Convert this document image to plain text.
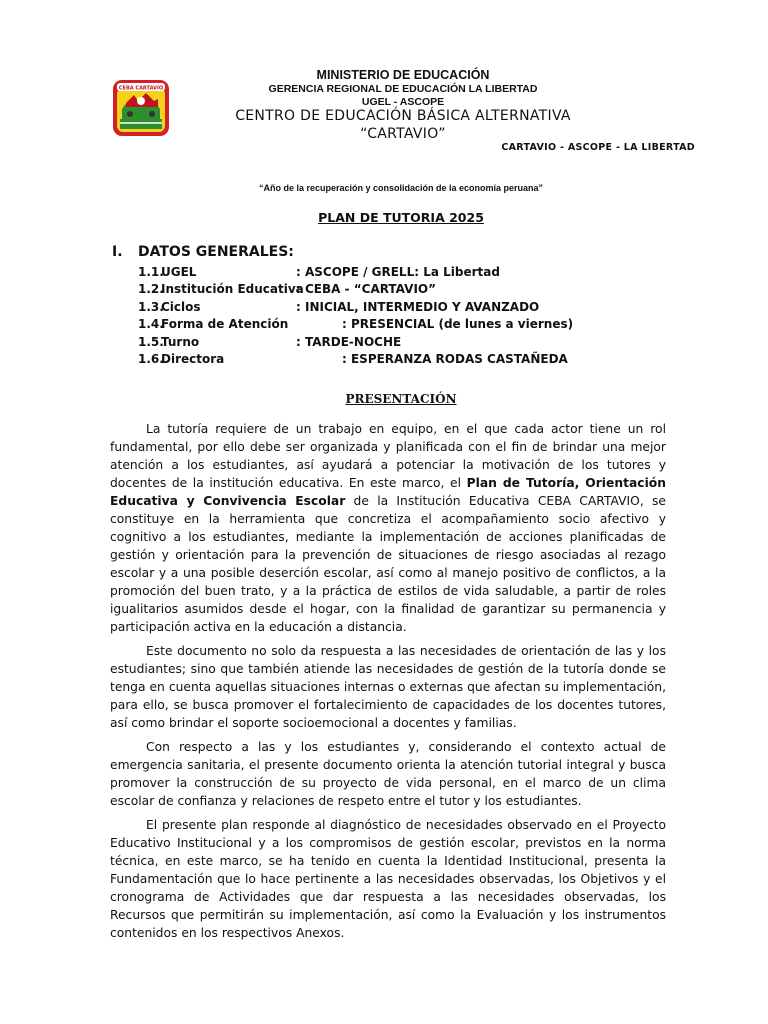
CEBA CARTAVIO

MINISTERIO DE EDUCACIÓN

GERENCIA REGIONAL DE EDUCACIÓN LA LIBERTAD

UGEL - ASCOPE

CENTRO DE EDUCACIÓN BÁSICA ALTERNATIVA

“CARTAVIO”

CARTAVIO - ASCOPE - LA LIBERTAD

“Año de la recuperación y consolidación de la economía peruana”

PLAN DE TUTORIA 2025

I. DATOS GENERALES:

1.1.
UGEL	: ASCOPE / GRELL: La Libertad
1.2.
Institución Educativa
: CEBA - “CARTAVIO”
1.3.
Ciclos	: INICIAL, INTERMEDIO Y AVANZADO
1.4.
Forma de Atención	: PRESENCIAL (de lunes a viernes)
1.5.
Turno	: TARDE-NOCHE
1.6.
Directora	: ESPERANZA RODAS CASTAÑEDA

PRESENTACIÓN

La tutoría requiere de un trabajo en equipo, en el que cada actor tiene un rol fundamental, por ello debe ser organizada y planificada con el fin de brindar una mejor atención a los estudiantes, así ayudará a potenciar la motivación de los tutores y docentes de la institución educativa. En este marco, el Plan de Tutoría, Orientación Educativa y Convivencia Escolar de la Institución Educativa CEBA CARTAVIO, se constituye en la herramienta que concretiza el acompañamiento socio afectivo y cognitivo a los estudiantes, mediante la implementación de acciones planificadas de gestión y orientación para la prevención de situaciones de riesgo asociadas al rezago escolar y a una posible deserción escolar, así como al manejo positivo de conflictos, a la promoción del buen trato, y a la práctica de estilos de vida saludable, a partir de roles igualitarios asumidos desde el hogar, con la finalidad de garantizar su permanencia y participación activa en la educación a distancia.

Este documento no solo da respuesta a las necesidades de orientación de las y los estudiantes; sino que también atiende las necesidades de gestión de la tutoría donde se tenga en cuenta aquellas situaciones internas o externas que afectan su implementación, para ello, se busca promover el fortalecimiento de capacidades de los docentes tutores, así como brindar el soporte socioemocional a docentes y familias.

Con respecto a las y los estudiantes y, considerando el contexto actual de emergencia sanitaria, el presente documento orienta la atención tutorial integral y busca promover la construcción de su proyecto de vida personal, en el marco de un clima escolar de confianza y relaciones de respeto entre el tutor y los estudiantes.

El presente plan responde al diagnóstico de necesidades observado en el Proyecto Educativo Institucional y a los compromisos de gestión escolar, previstos en la norma técnica, en este marco, se ha tenido en cuenta la Identidad Institucional, presenta la Fundamentación que lo hace pertinente a las necesidades observadas, los Objetivos y el cronograma de Actividades que dar respuesta a las necesidades observadas, los Recursos que permitirán su implementación, así como la Evaluación y los instrumentos contenidos en los respectivos Anexos.
